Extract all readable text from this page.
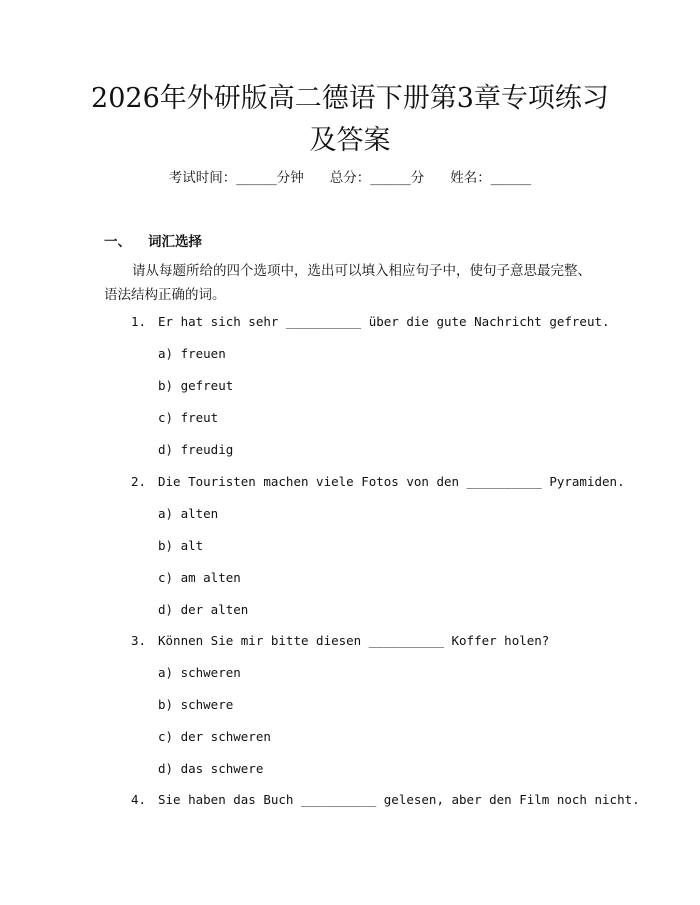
2026年外研版高二德语下册第3章专项练习
及答案
考试时间：______分钟 总分：______分 姓名：______
一、 词汇选择
请从每题所给的四个选项中，选出可以填入相应句子中，使句子意思最完整、语法结构正确的词。
1. Er hat sich sehr __________ über die gute Nachricht gefreut.
a) freuen
b) gefreut
c) freut
d) freudig
2. Die Touristen machen viele Fotos von den __________ Pyramiden.
a) alten
b) alt
c) am alten
d) der alten
3. Können Sie mir bitte diesen __________ Koffer holen?
a) schweren
b) schwere
c) der schweren
d) das schwere
4. Sie haben das Buch __________ gelesen, aber den Film noch nicht.
